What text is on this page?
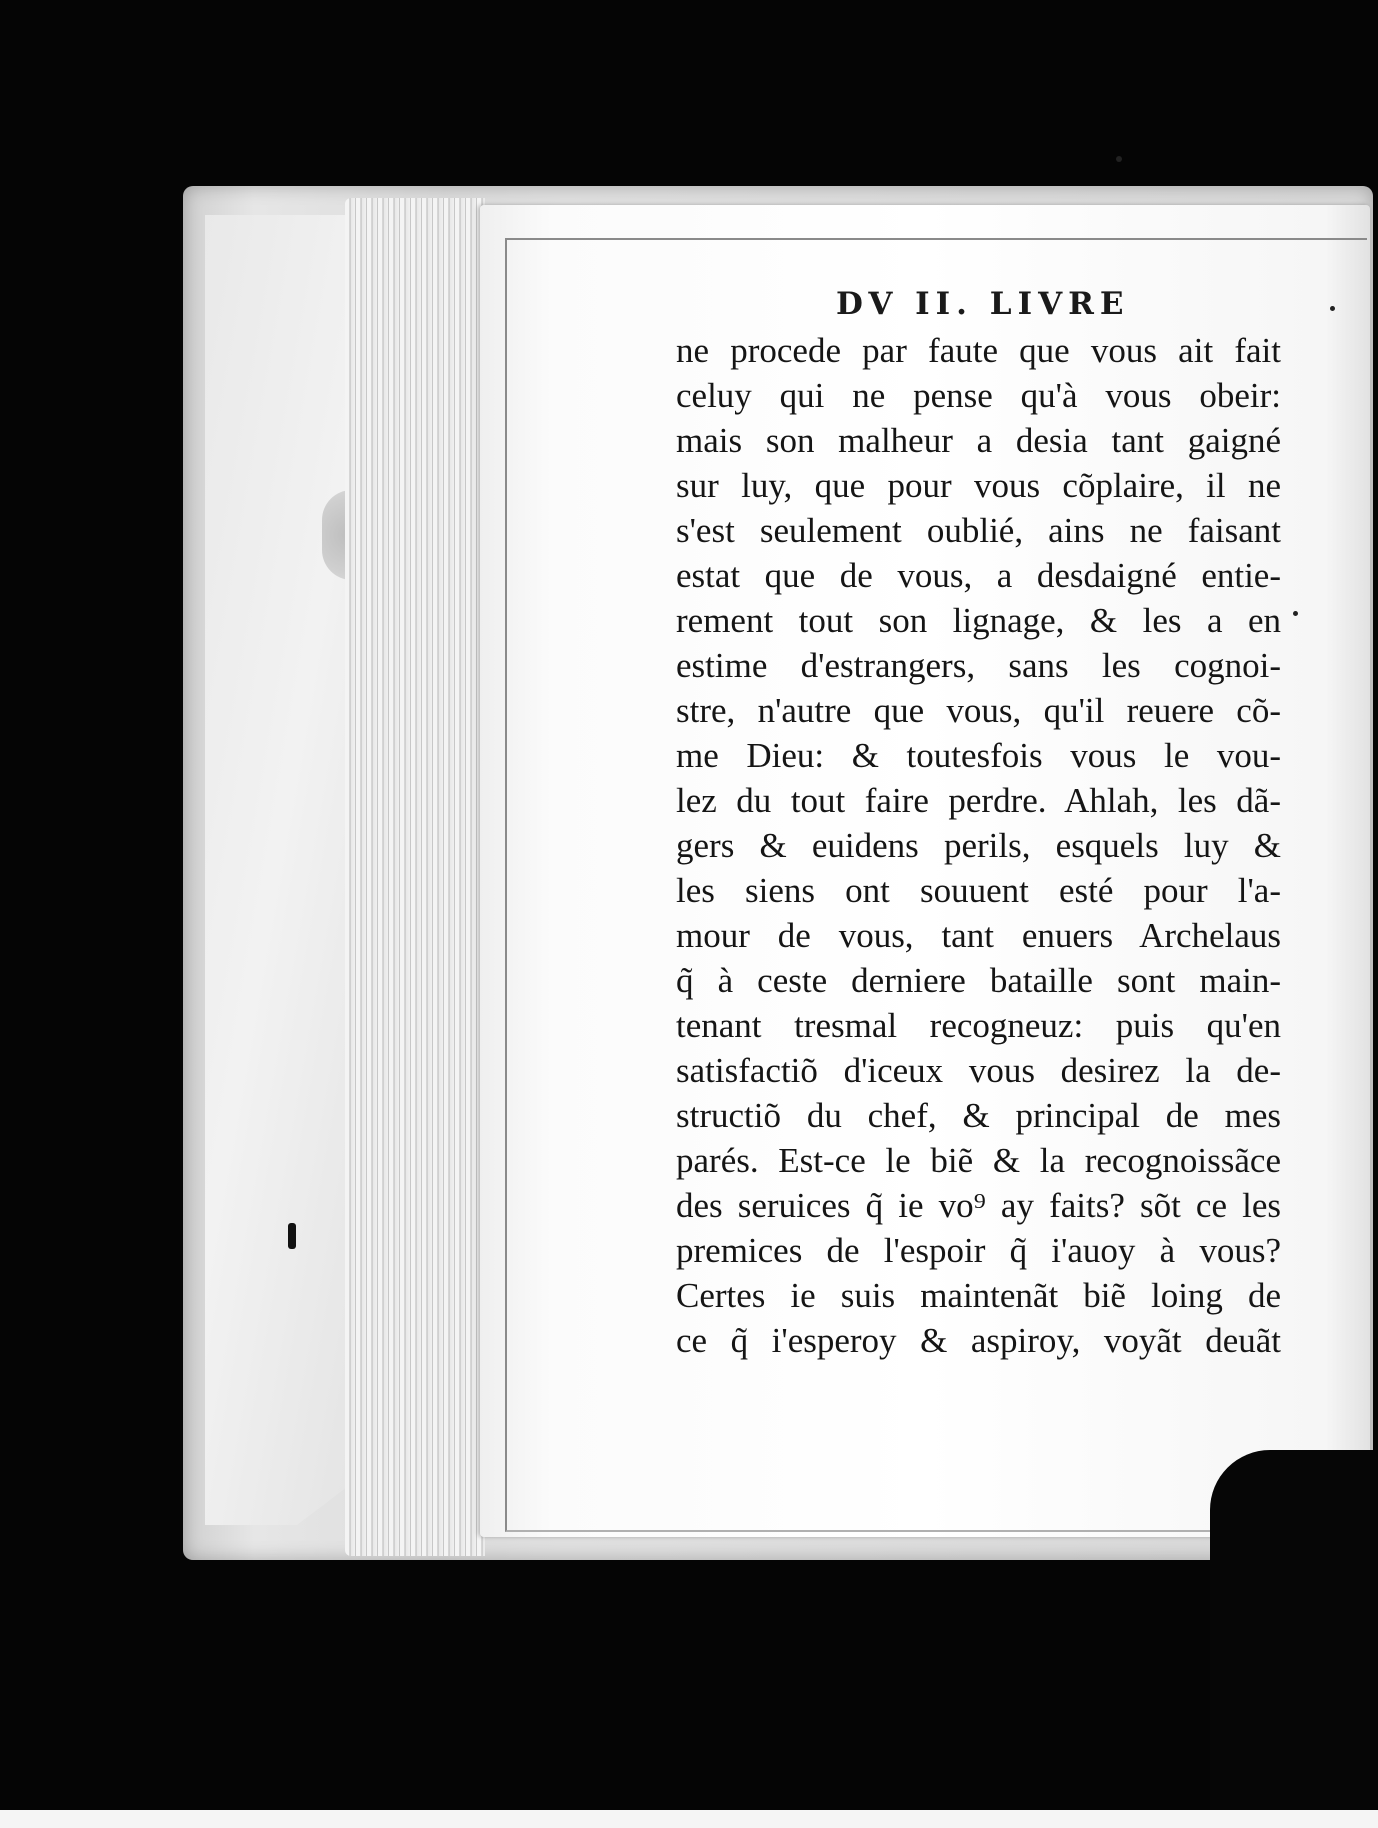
DV II. LIVRE
ne procede par faute que vous ait fait
celuy qui ne pense qu'à vous obeir:
mais son malheur a desia tant gaigné
sur luy, que pour vous cõplaire, il ne
s'est seulement oublié, ains ne faisant
estat que de vous, a desdaigné entie-
rement tout son lignage, & les a en
estime d'estrangers, sans les cognoi-
stre, n'autre que vous, qu'il reuere cõ-
me Dieu: & toutesfois vous le vou-
lez du tout faire perdre. Ahlah, les dã-
gers & euidens perils, esquels luy &
les siens ont souuent esté pour l'a-
mour de vous, tant enuers Archelaus
q̃ à ceste derniere bataille sont main-
tenant tresmal recogneuz: puis qu'en
satisfactiõ d'iceux vous desirez la de-
structiõ du chef, & principal de mes
parés. Est-ce le biẽ & la recognoissãce
des seruices q̃ ie vo⁹ ay faits? sõt ce les
premices de l'espoir q̃ i'auoy à vous?
Certes ie suis maintenãt biẽ loing de
ce q̃ i'esperoy & aspiroy, voyãt deuãt
